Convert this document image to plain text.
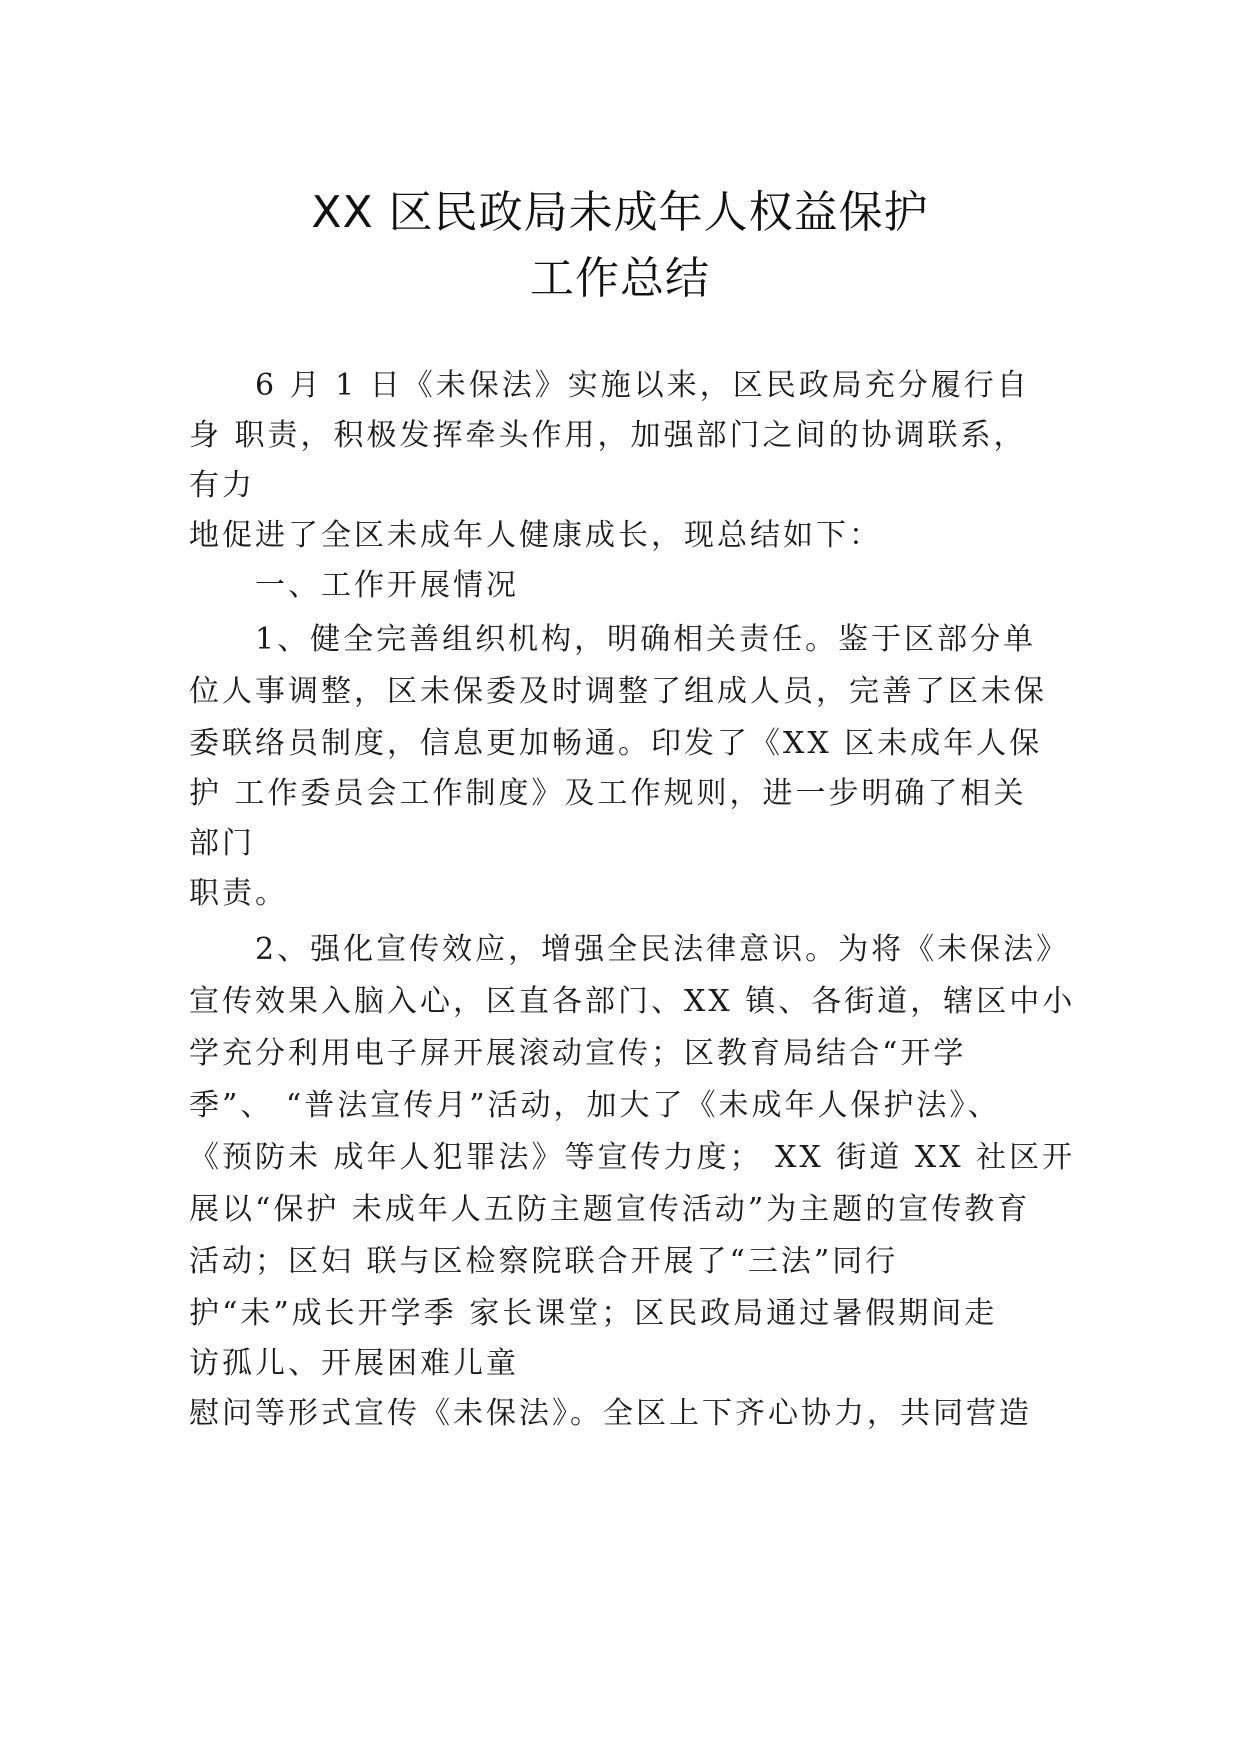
XX 区民政局未成年人权益保护
工作总结
6 月 1 日《未保法》实施以来，区民政局充分履行自
身 职责，积极发挥牵头作用，加强部门之间的协调联系，
有力
地促进了全区未成年人健康成长，现总结如下：
一、工作开展情况
1、健全完善组织机构，明确相关责任。鉴于区部分单
位人事调整，区未保委及时调整了组成人员，完善了区未保
委联络员制度，信息更加畅通。印发了《XX 区未成年人保
护 工作委员会工作制度》及工作规则，进一步明确了相关
部门
职责。
2、强化宣传效应，增强全民法律意识。为将《未保法》
宣传效果入脑入心，区直各部门、XX 镇、各街道，辖区中小
学充分利用电子屏开展滚动宣传；区教育局结合“开学
季”、 “普法宣传月”活动，加大了《未成年人保护法》、
《预防未 成年人犯罪法》等宣传力度； XX 街道 XX 社区开
展以“保护 未成年人五防主题宣传活动”为主题的宣传教育
活动；区妇 联与区检察院联合开展了“三法”同行
护“未”成长开学季 家长课堂；区民政局通过暑假期间走
访孤儿、开展困难儿童
慰问等形式宣传《未保法》。全区上下齐心协力，共同营造
